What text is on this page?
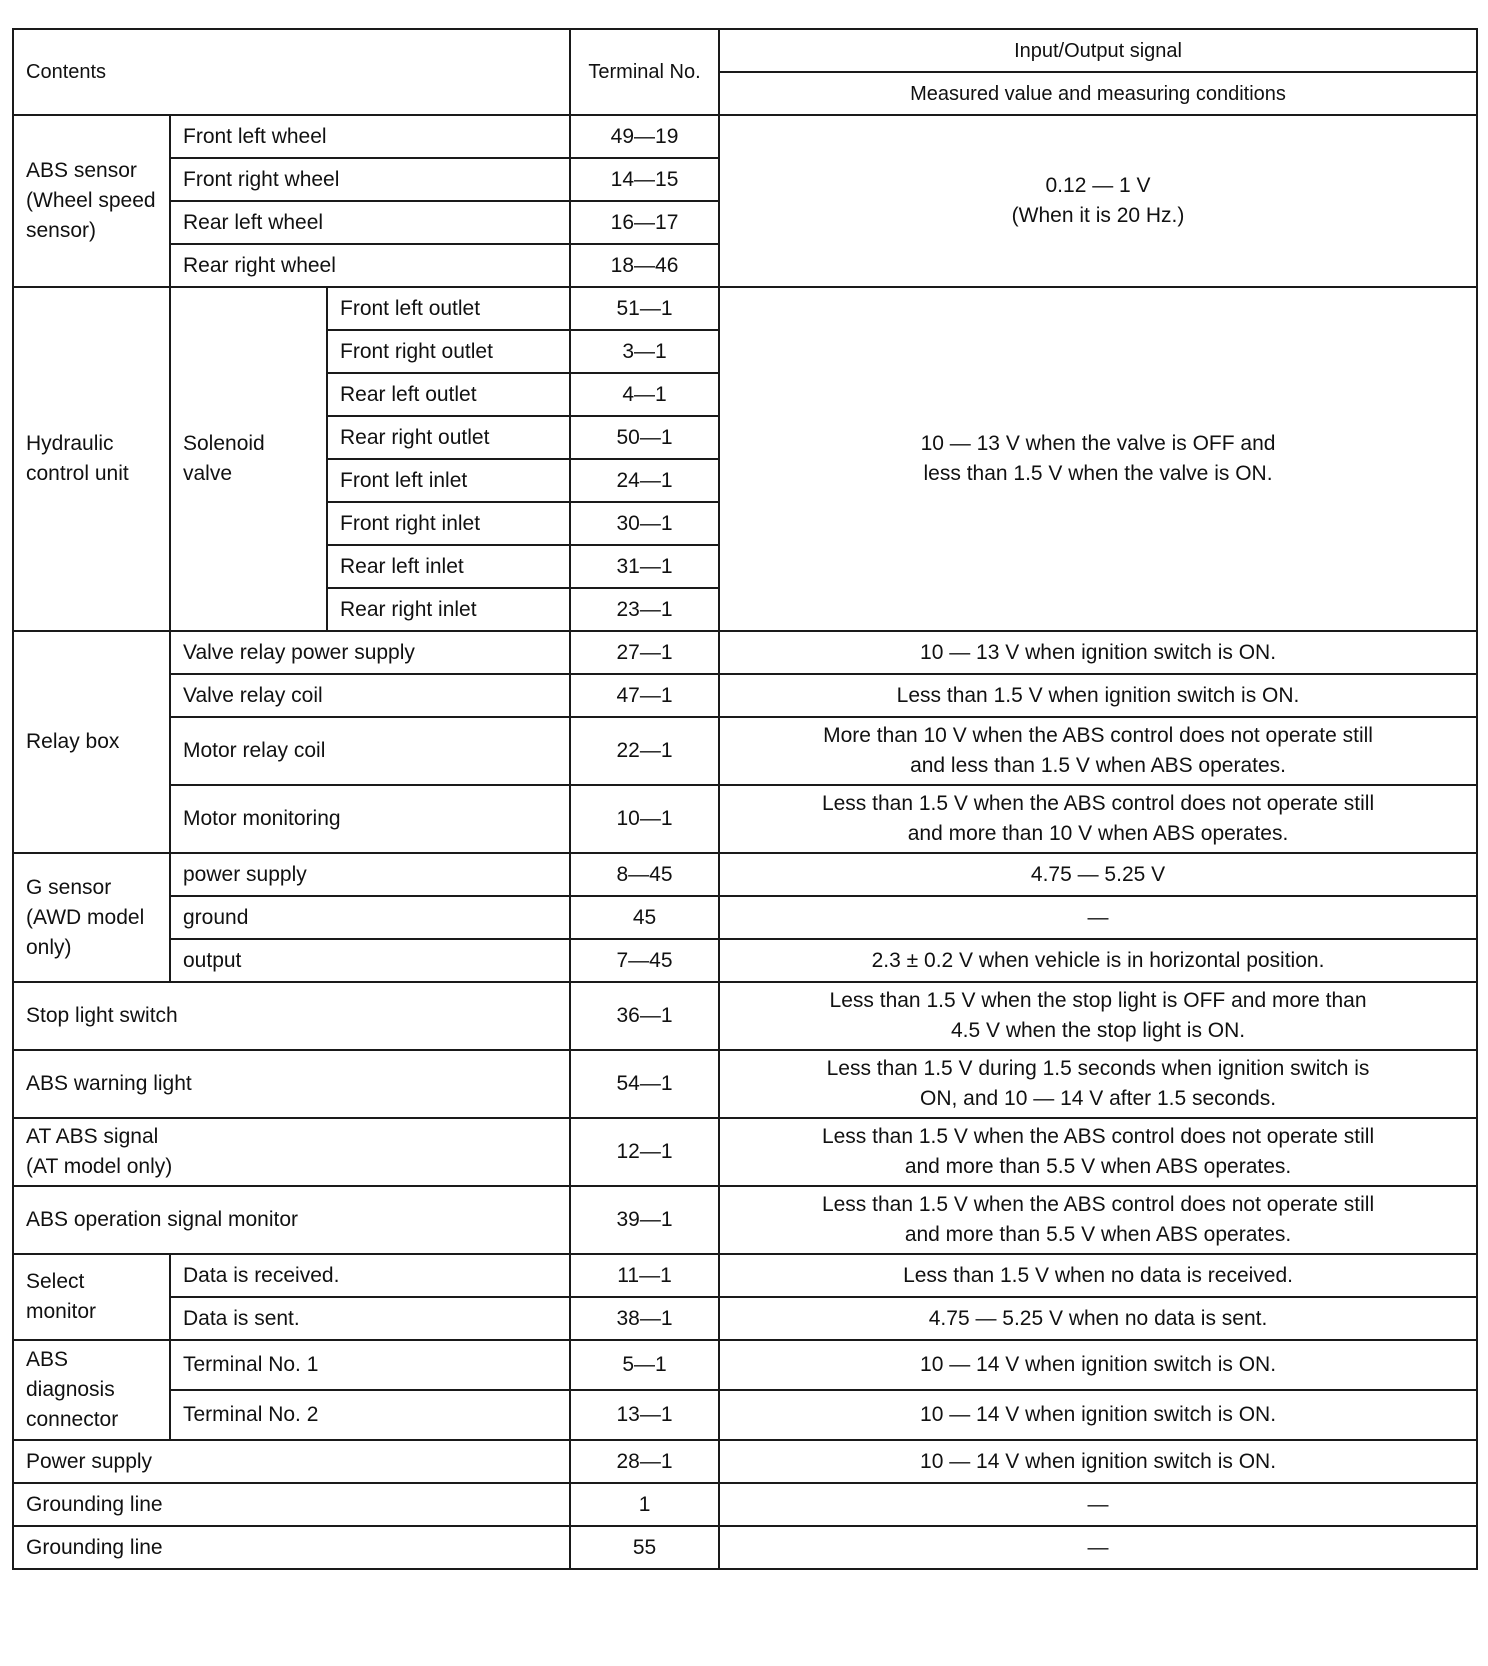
Contents			Terminal No.	Input/Output signal
				Measured value and measuring conditions
ABS sensor (Wheel speed sensor)	Front left wheel		49—19	0.12 — 1 V
(When it is 20 Hz.)
	Front right wheel		14—15	
	Rear left wheel		16—17	
	Rear right wheel		18—46	
Hydraulic control unit	Solenoid valve	Front left outlet	51—1	10 — 13 V when the valve is OFF and
less than 1.5 V when the valve is ON.
		Front right outlet	3—1	
		Rear left outlet	4—1	
		Rear right outlet	50—1	
		Front left inlet	24—1	
		Front right inlet	30—1	
		Rear left inlet	31—1	
		Rear right inlet	23—1	
Relay box	Valve relay power supply		27—1	10 — 13 V when ignition switch is ON.
	Valve relay coil		47—1	Less than 1.5 V when ignition switch is ON.
	Motor relay coil		22—1	More than 10 V when the ABS control does not operate still
and less than 1.5 V when ABS operates.
	Motor monitoring		10—1	Less than 1.5 V when the ABS control does not operate still
and more than 10 V when ABS operates.
G sensor (AWD model only)	power supply		8—45	4.75 — 5.25 V
	ground		45	—
	output		7—45	2.3 ± 0.2 V when vehicle is in horizontal position.
Stop light switch			36—1	Less than 1.5 V when the stop light is OFF and more than
4.5 V when the stop light is ON.
ABS warning light			54—1	Less than 1.5 V during 1.5 seconds when ignition switch is
ON, and 10 — 14 V after 1.5 seconds.
AT ABS signal
(AT model only)			12—1	Less than 1.5 V when the ABS control does not operate still
and more than 5.5 V when ABS operates.
ABS operation signal monitor			39—1	Less than 1.5 V when the ABS control does not operate still
and more than 5.5 V when ABS operates.
Select monitor	Data is received.		11—1	Less than 1.5 V when no data is received.
	Data is sent.		38—1	4.75 — 5.25 V when no data is sent.
ABS diagnosis connector	Terminal No. 1		5—1	10 — 14 V when ignition switch is ON.
	Terminal No. 2		13—1	10 — 14 V when ignition switch is ON.
Power supply			28—1	10 — 14 V when ignition switch is ON.
Grounding line			1	—
Grounding line			55	—
